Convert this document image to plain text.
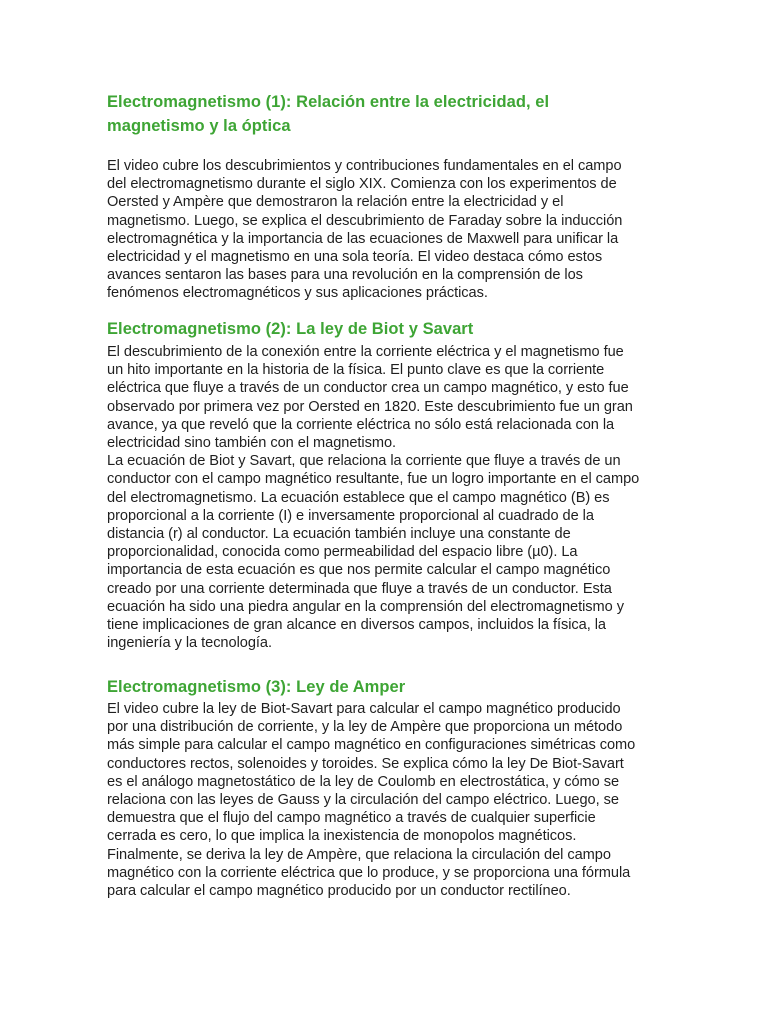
Electromagnetismo (1): Relación entre la electricidad, el
magnetismo y la óptica

El video cubre los descubrimientos y contribuciones fundamentales en el campo
del electromagnetismo durante el siglo XIX. Comienza con los experimentos de
Oersted y Ampère que demostraron la relación entre la electricidad y el
magnetismo. Luego, se explica el descubrimiento de Faraday sobre la inducción
electromagnética y la importancia de las ecuaciones de Maxwell para unificar la
electricidad y el magnetismo en una sola teoría. El video destaca cómo estos
avances sentaron las bases para una revolución en la comprensión de los
fenómenos electromagnéticos y sus aplicaciones prácticas.

Electromagnetismo (2): La ley de Biot y Savart

El descubrimiento de la conexión entre la corriente eléctrica y el magnetismo fue
un hito importante en la historia de la física. El punto clave es que la corriente
eléctrica que fluye a través de un conductor crea un campo magnético, y esto fue
observado por primera vez por Oersted en 1820. Este descubrimiento fue un gran
avance, ya que reveló que la corriente eléctrica no sólo está relacionada con la
electricidad sino también con el magnetismo.
La ecuación de Biot y Savart, que relaciona la corriente que fluye a través de un
conductor con el campo magnético resultante, fue un logro importante en el campo
del electromagnetismo. La ecuación establece que el campo magnético (B) es
proporcional a la corriente (I) e inversamente proporcional al cuadrado de la
distancia (r) al conductor. La ecuación también incluye una constante de
proporcionalidad, conocida como permeabilidad del espacio libre (µ0). La
importancia de esta ecuación es que nos permite calcular el campo magnético
creado por una corriente determinada que fluye a través de un conductor. Esta
ecuación ha sido una piedra angular en la comprensión del electromagnetismo y
tiene implicaciones de gran alcance en diversos campos, incluidos la física, la
ingeniería y la tecnología.

Electromagnetismo (3): Ley de Amper

El video cubre la ley de Biot-Savart para calcular el campo magnético producido
por una distribución de corriente, y la ley de Ampère que proporciona un método
más simple para calcular el campo magnético en configuraciones simétricas como
conductores rectos, solenoides y toroides. Se explica cómo la ley De Biot-Savart
es el análogo magnetostático de la ley de Coulomb en electrostática, y cómo se
relaciona con las leyes de Gauss y la circulación del campo eléctrico. Luego, se
demuestra que el flujo del campo magnético a través de cualquier superficie
cerrada es cero, lo que implica la inexistencia de monopolos magnéticos.
Finalmente, se deriva la ley de Ampère, que relaciona la circulación del campo
magnético con la corriente eléctrica que lo produce, y se proporciona una fórmula
para calcular el campo magnético producido por un conductor rectilíneo.
